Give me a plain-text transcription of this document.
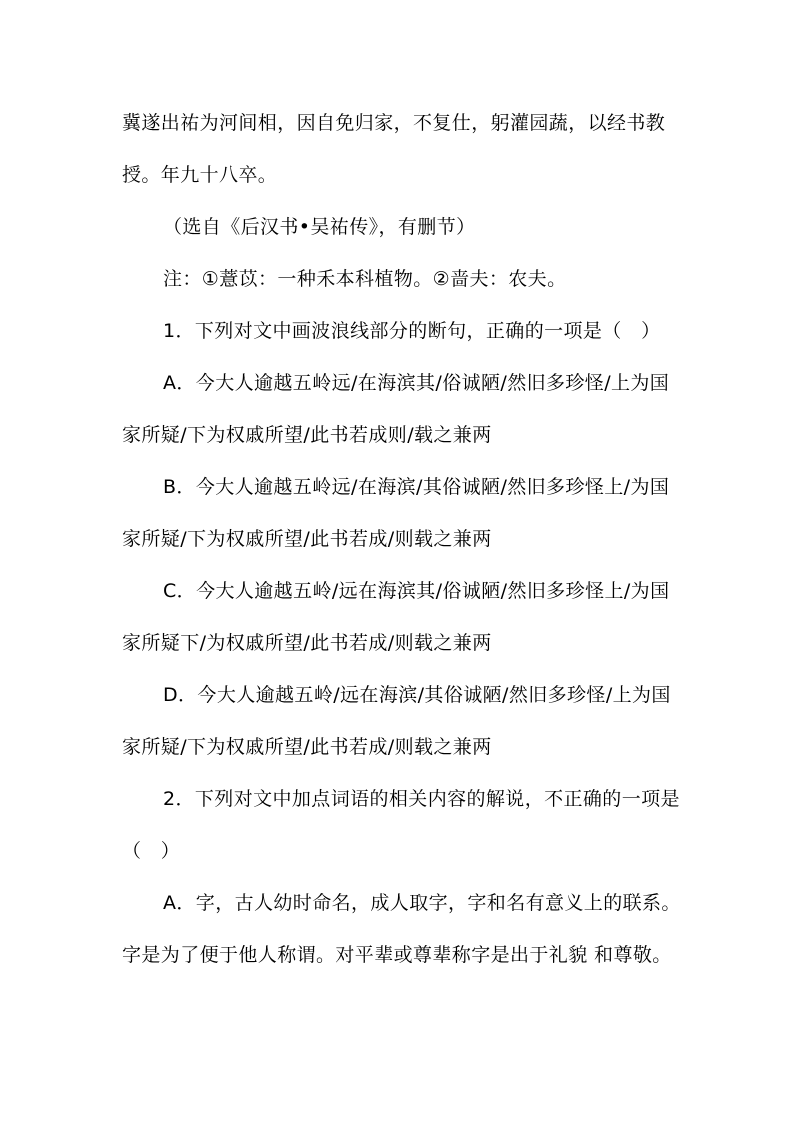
冀遂出祐为河间相，因自免归家，不复仕，躬灌园蔬，以经书教
授。年九十八卒。
（选自《后汉书•吴祐传》，有删节）
注：①薏苡：一种禾本科植物。②啬夫：农夫。
1．下列对文中画波浪线部分的断句，正确的一项是（　）
A．今大人逾越五岭远/在海滨其/俗诚陋/然旧多珍怪/上为国
家所疑/下为权戚所望/此书若成则/载之兼两
B．今大人逾越五岭远/在海滨/其俗诚陋/然旧多珍怪上/为国
家所疑/下为权戚所望/此书若成/则载之兼两
C．今大人逾越五岭/远在海滨其/俗诚陋/然旧多珍怪上/为国
家所疑下/为权戚所望/此书若成/则载之兼两
D．今大人逾越五岭/远在海滨/其俗诚陋/然旧多珍怪/上为国
家所疑/下为权戚所望/此书若成/则载之兼两
2．下列对文中加点词语的相关内容的解说，不正确的一项是
（　）
A．字，古人幼时命名，成人取字，字和名有意义上的联系。
字是为了便于他人称谓。对平辈或尊辈称字是出于礼貌 和尊敬。
